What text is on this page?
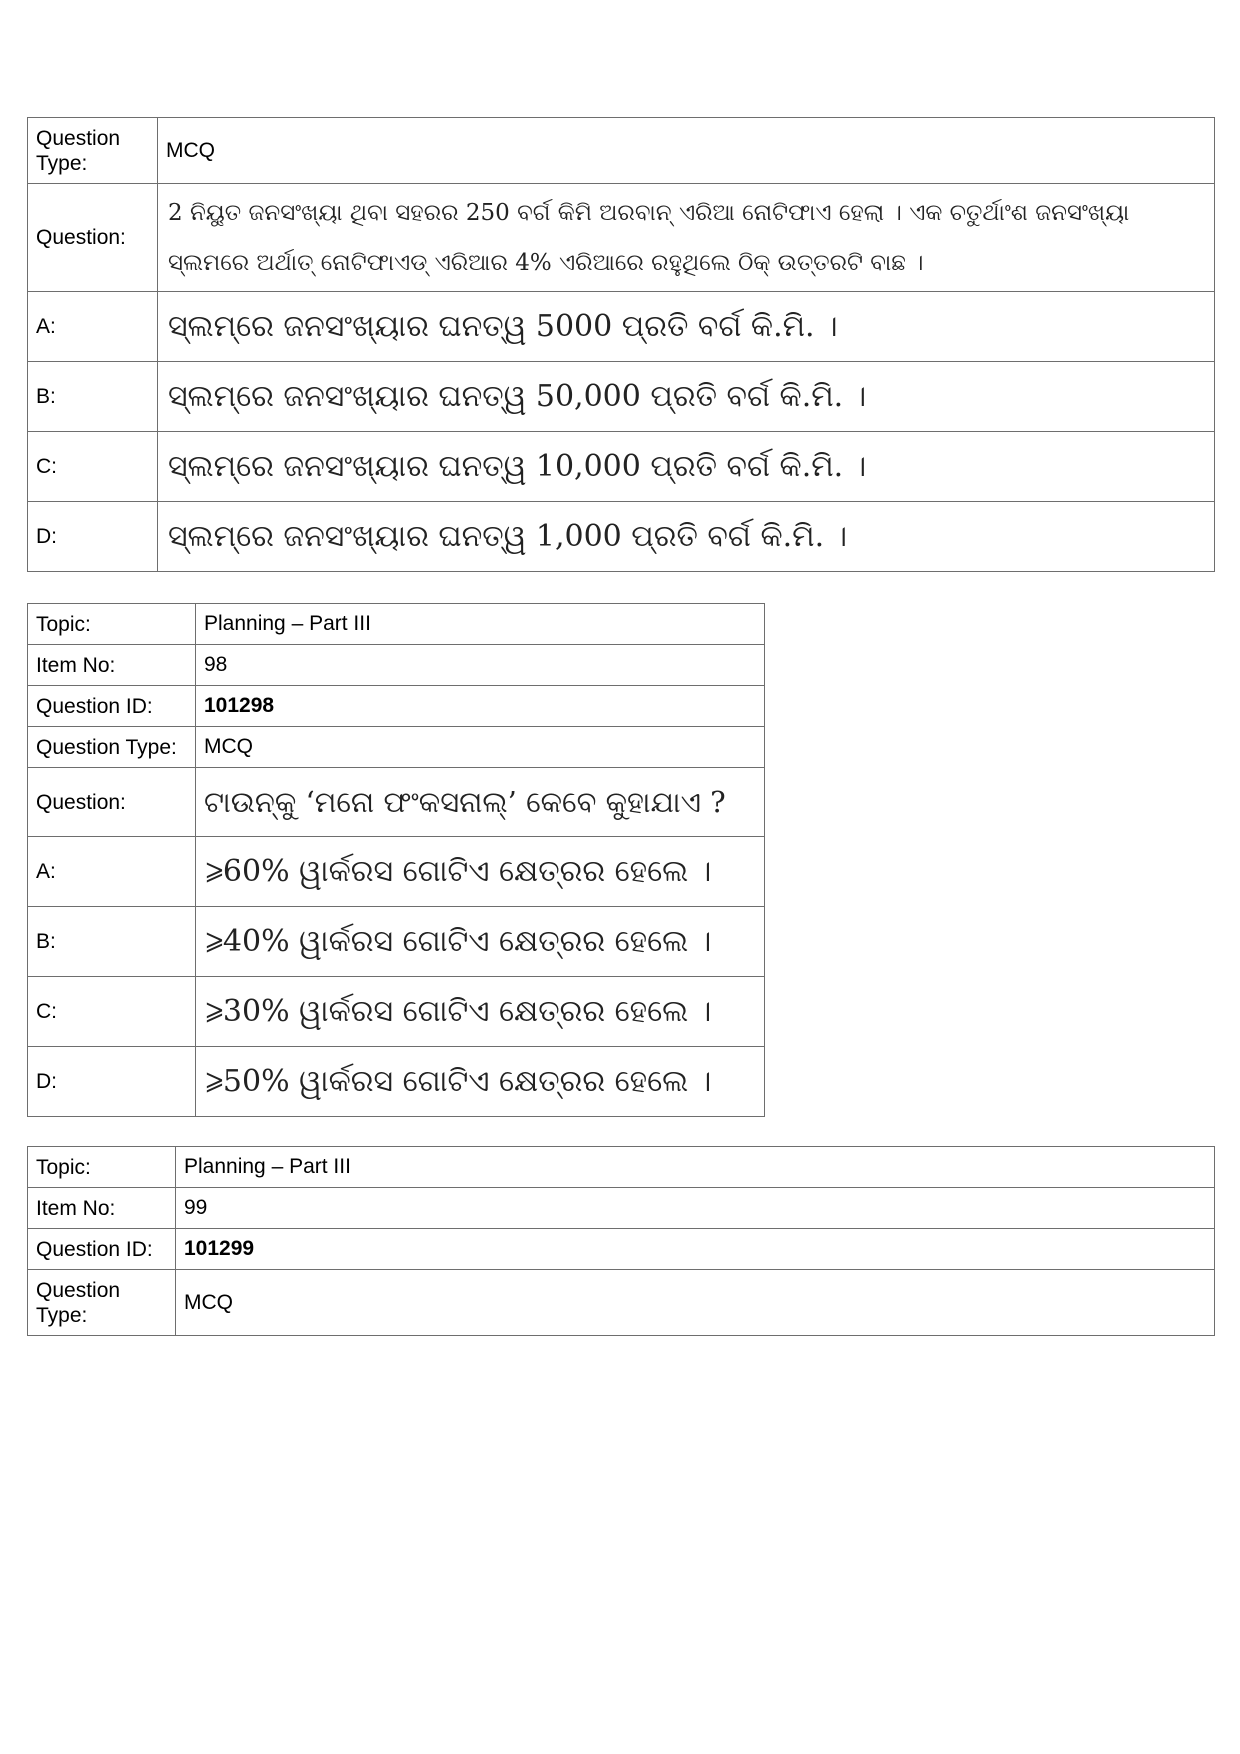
Question Type:	MCQ
Question:	2 ନିୟୁତ ଜନସଂଖ୍ୟା ଥିବା ସହରର 250 ବର୍ଗ କିମି ଅରବାନ୍ ଏରିଆ ନୋଟିଫାଏ ହେଲା । ଏକ ଚତୁର୍ଥାଂଶ ଜନସଂଖ୍ୟା ସ୍ଲମରେ ଅର୍ଥାତ୍ ନୋଟିଫାଏଡ୍ ଏରିଆର 4% ଏରିଆରେ ରହୁଥିଲେ ଠିକ୍ ଉତ୍ତରଟି ବାଛ ।
A:	ସ୍ଲମ୍‌ରେ ଜନସଂଖ୍ୟାର ଘନତ୍ୱ 5000 ପ୍ରତି ବର୍ଗ କି.ମି. ।
B:	ସ୍ଲମ୍‌ରେ ଜନସଂଖ୍ୟାର ଘନତ୍ୱ 50,000 ପ୍ରତି ବର୍ଗ କି.ମି. ।
C:	ସ୍ଲମ୍‌ରେ ଜନସଂଖ୍ୟାର ଘନତ୍ୱ 10,000 ପ୍ରତି ବର୍ଗ କି.ମି. ।
D:	ସ୍ଲମ୍‌ରେ ଜନସଂଖ୍ୟାର ଘନତ୍ୱ 1,000 ପ୍ରତି ବର୍ଗ କି.ମି. ।
Topic:	Planning – Part III
Item No:	98
Question ID:	101298
Question Type:	MCQ
Question:	ଟାଉନ୍‌କୁ ‘ମନୋ ଫଂକସନାଲ୍’ କେବେ କୁହାଯାଏ ?
A:	⩾60% ୱାର୍କରସ ଗୋଟିଏ କ୍ଷେତ୍ରର ହେଲେ ।
B:	⩾40% ୱାର୍କରସ ଗୋଟିଏ କ୍ଷେତ୍ରର ହେଲେ ।
C:	⩾30% ୱାର୍କରସ ଗୋଟିଏ କ୍ଷେତ୍ରର ହେଲେ ।
D:	⩾50% ୱାର୍କରସ ଗୋଟିଏ କ୍ଷେତ୍ରର ହେଲେ ।
Topic:	Planning – Part III
Item No:	99
Question ID:	101299
Question Type:	MCQ
